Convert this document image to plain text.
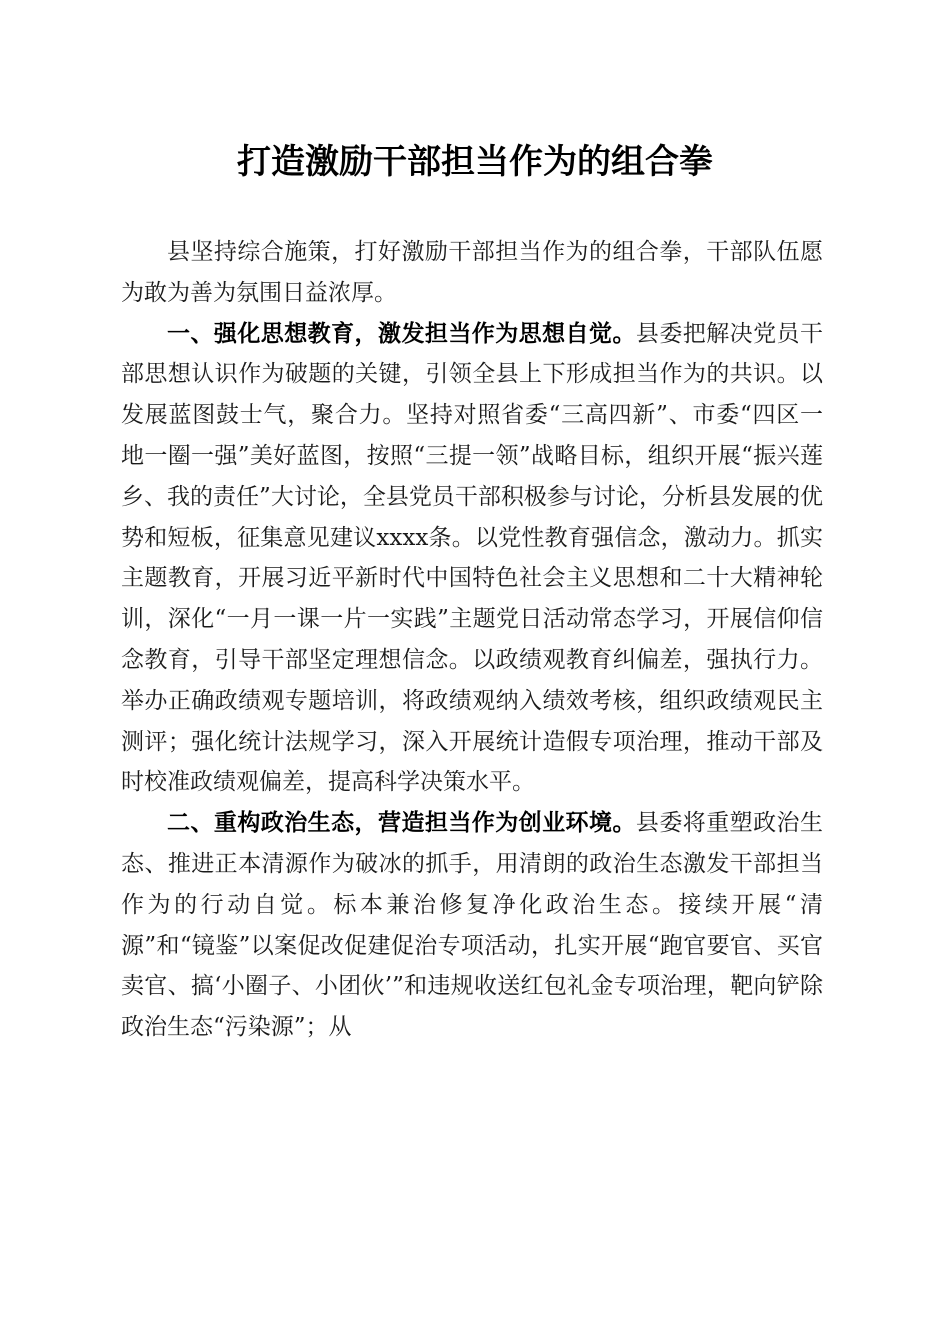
打造激励干部担当作为的组合拳

县坚持综合施策，打好激励干部担当作为的组合拳，干部队伍愿为敢为善为氛围日益浓厚。

一、强化思想教育，激发担当作为思想自觉。县委把解决党员干部思想认识作为破题的关键，引领全县上下形成担当作为的共识。以发展蓝图鼓士气，聚合力。坚持对照省委“三高四新”、市委“四区一地一圈一强”美好蓝图，按照“三提一领”战略目标，组织开展“振兴莲乡、我的责任”大讨论，全县党员干部积极参与讨论，分析县发展的优势和短板，征集意见建议xxxx条。以党性教育强信念，激动力。抓实主题教育，开展习近平新时代中国特色社会主义思想和二十大精神轮训，深化“一月一课一片一实践”主题党日活动常态学习，开展信仰信念教育，引导干部坚定理想信念。以政绩观教育纠偏差，强执行力。举办正确政绩观专题培训，将政绩观纳入绩效考核，组织政绩观民主测评；强化统计法规学习，深入开展统计造假专项治理，推动干部及时校准政绩观偏差，提高科学决策水平。

二、重构政治生态，营造担当作为创业环境。县委将重塑政治生态、推进正本清源作为破冰的抓手，用清朗的政治生态激发干部担当作为的行动自觉。标本兼治修复净化政治生态。接续开展“清源”和“镜鉴”以案促改促建促治专项活动，扎实开展“跑官要官、买官卖官、搞‘小圈子、小团伙’”和违规收送红包礼金专项治理，靶向铲除政治生态“污染源”；从
